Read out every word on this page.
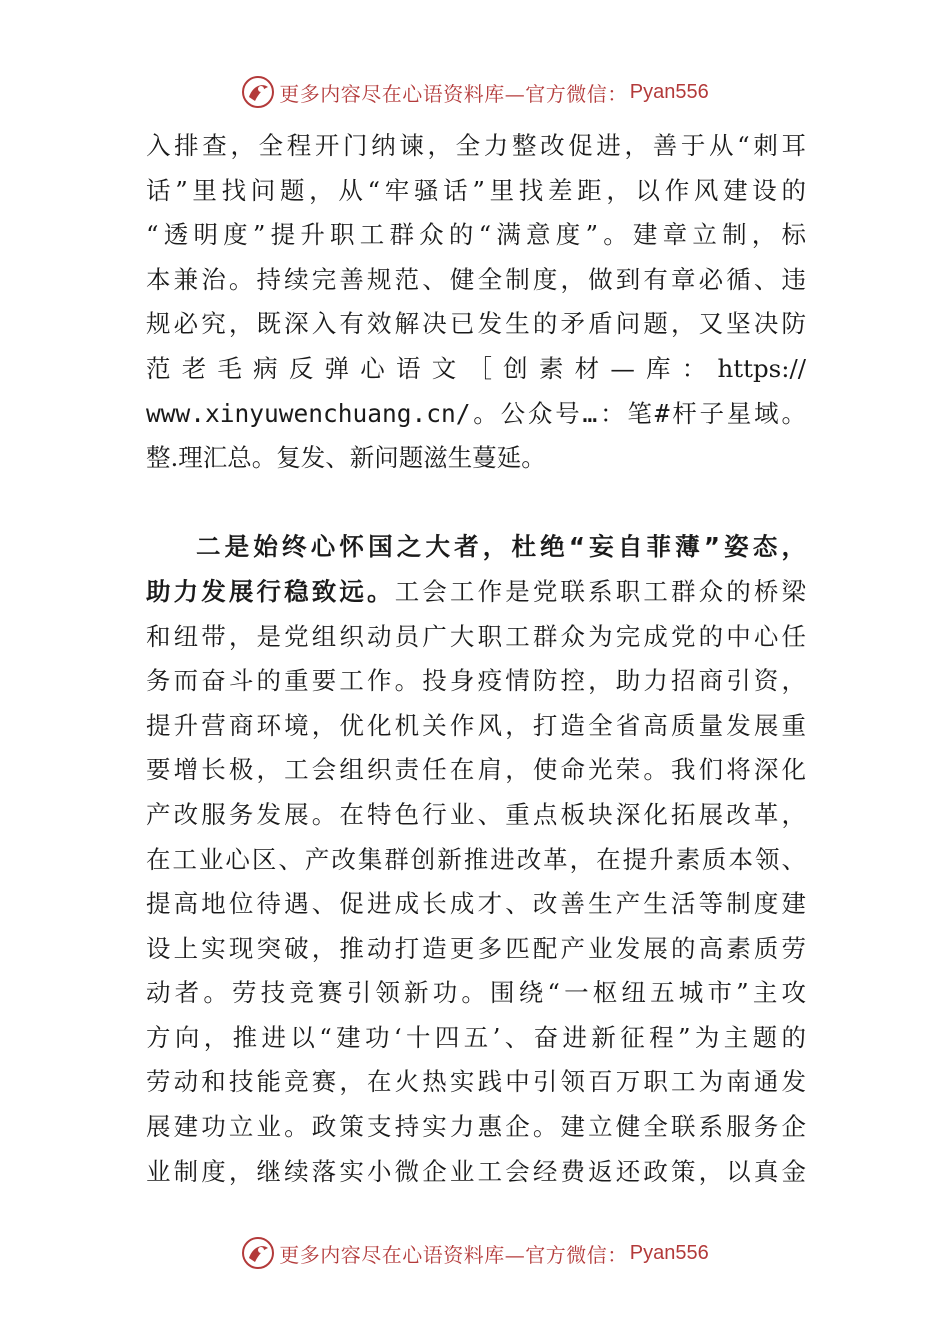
更多内容尽在心语资料库—官方微信： Pyan556
入排查，全程开门纳谏，全力整改促进，善于从“刺耳
话”里找问题，从“牢骚话”里找差距，以作风建设的
“透明度”提升职工群众的“满意度”。建章立制，标
本兼治。持续完善规范、健全制度，做到有章必循、违
规必究，既深入有效解决已发生的矛盾问题，又坚决防
范老毛病反弹心语文［创素材—库：https://
www.xinyuwenchuang.cn/。公众号…：笔#杆子星域。
整.理汇总。复发、新问题滋生蔓延。
二是始终心怀国之大者，杜绝“妄自菲薄”姿态，
助力发展行稳致远。工会工作是党联系职工群众的桥梁
和纽带，是党组织动员广大职工群众为完成党的中心任
务而奋斗的重要工作。投身疫情防控，助力招商引资，
提升营商环境，优化机关作风，打造全省高质量发展重
要增长极，工会组织责任在肩，使命光荣。我们将深化
产改服务发展。在特色行业、重点板块深化拓展改革，
在工业⼼区、产改集群创新推进改革，在提升素质本领、
提高地位待遇、促进成长成才、改善生产生活等制度建
设上实现突破，推动打造更多匹配产业发展的高素质劳
动者。劳技竞赛引领新功。围绕“一枢纽五城市”主攻
方向，推进以“建功‘十四五’、奋进新征程”为主题的
劳动和技能竞赛，在火热实践中引领百万职工为南通发
展建功立业。政策支持实力惠企。建立健全联系服务企
业制度，继续落实小微企业工会经费返还政策，以真金
更多内容尽在心语资料库—官方微信： Pyan556
